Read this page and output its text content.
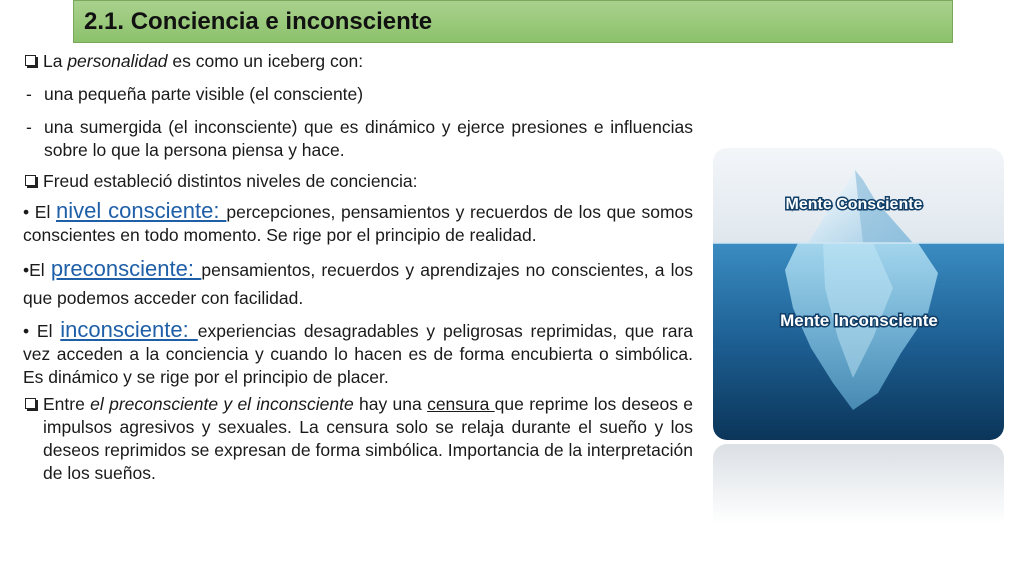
2.1. Conciencia e inconsciente

La personalidad es como un iceberg con:

- una pequeña parte visible (el consciente)

- una sumergida (el inconsciente) que es dinámico y ejerce presiones e influencias sobre lo que la persona piensa y hace.

Freud estableció distintos niveles de conciencia:

• El nivel consciente: percepciones, pensamientos y recuerdos de los que somos conscientes en todo momento. Se rige por el principio de realidad.

•El preconsciente: pensamientos, recuerdos y aprendizajes no conscientes, a los que podemos acceder con facilidad.

• El inconsciente: experiencias desagradables y peligrosas reprimidas, que rara vez acceden a la conciencia y cuando lo hacen es de forma encubierta o simbólica. Es dinámico y se rige por el principio de placer.

Entre el preconsciente y el inconsciente hay una censura que reprime los deseos e impulsos agresivos y sexuales. La censura solo se relaja durante el sueño y los deseos reprimidos se expresan de forma simbólica. Importancia de la interpretación de los sueños.

Mente Consciente
Mente Inconsciente
